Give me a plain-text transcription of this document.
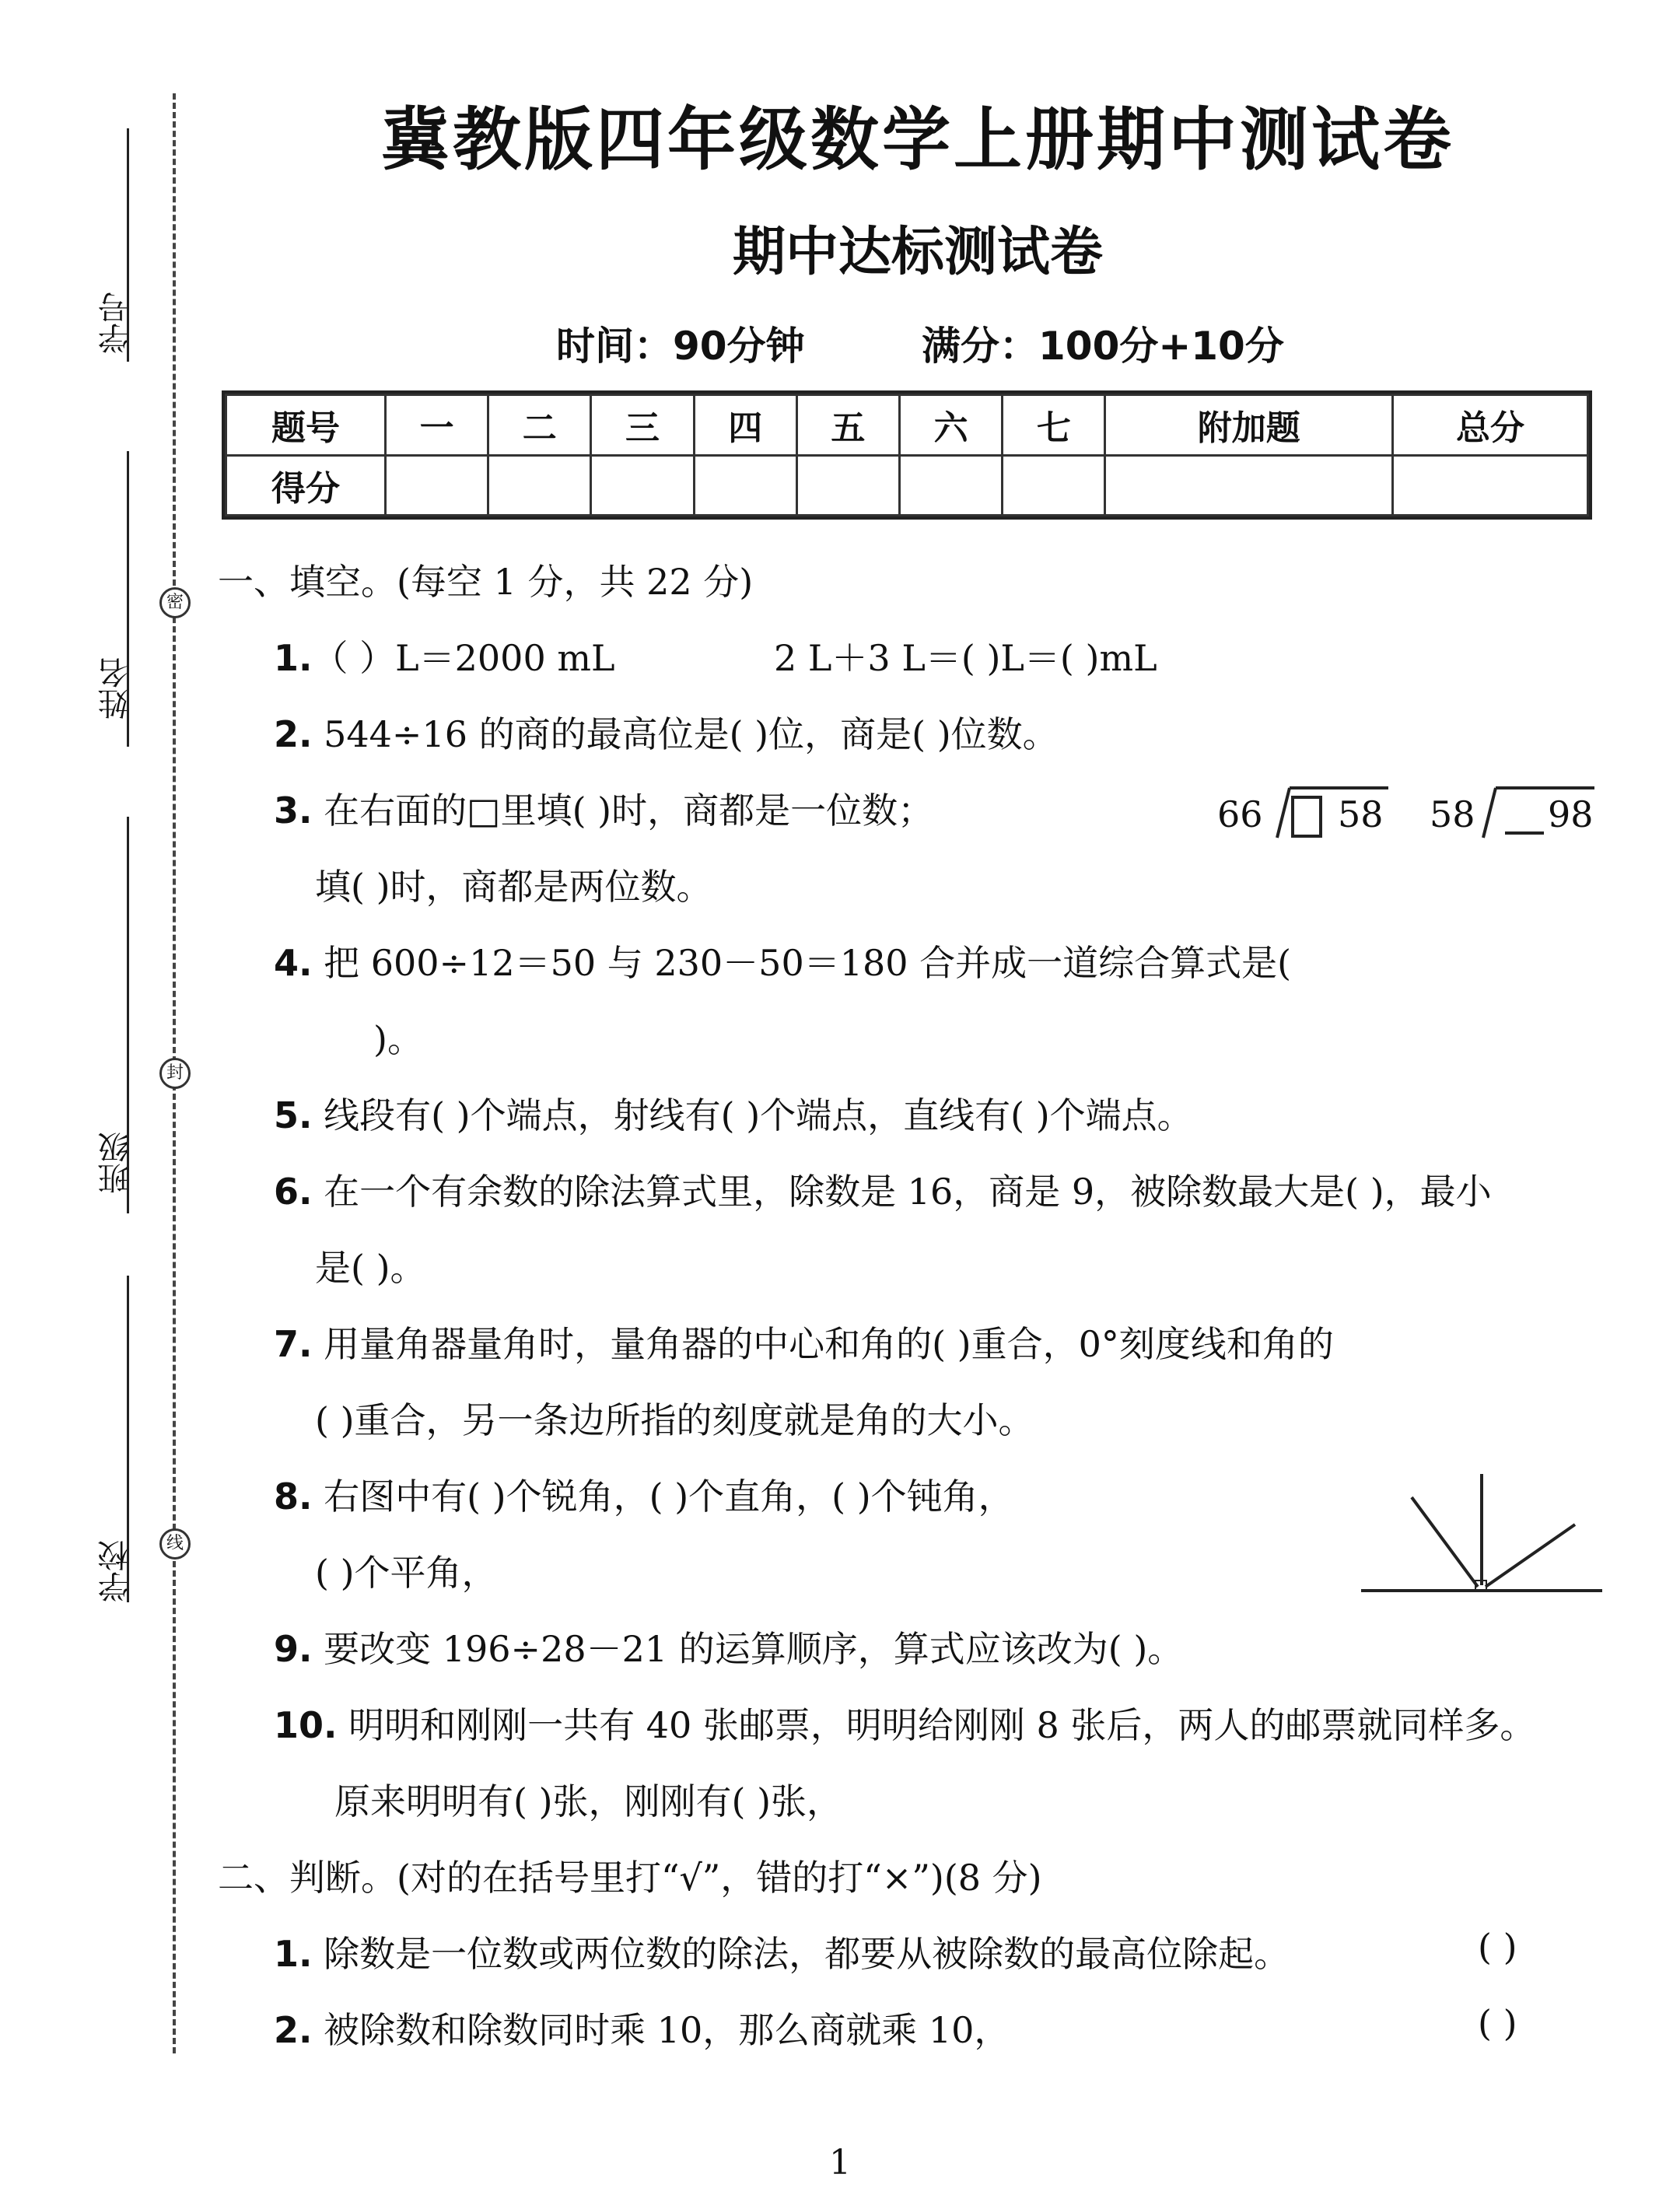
密
封
线
学号
姓名
班级
学校
冀教版四年级数学上册期中测试卷
期中达标测试卷
时间：90分钟	满分：100分+10分
题号	一	二	三	四	五	六	七	附加题	总分
得分									
一、填空。(每空 1 分，共 22 分)
1.（ ）L＝2000 mL	2 L＋3 L＝( )L＝( )mL
2. 544÷16 的商的最高位是( )位，商是( )位数。
3. 在右面的□里填( )时，商都是一位数；	66 58 58 98
填( )时，商都是两位数。
4. 把 600÷12＝50 与 230－50＝180 合并成一道综合算式是(
)。
5. 线段有( )个端点，射线有( )个端点，直线有( )个端点。
6. 在一个有余数的除法算式里，除数是 16，商是 9，被除数最大是( )，最小
是( )。
7. 用量角器量角时，量角器的中心和角的( )重合，0°刻度线和角的
( )重合，另一条边所指的刻度就是角的大小。
8. 右图中有( )个锐角，( )个直角，( )个钝角，
( )个平角，
9. 要改变 196÷28－21 的运算顺序，算式应该改为( )。
10. 明明和刚刚一共有 40 张邮票，明明给刚刚 8 张后，两人的邮票就同样多。
原来明明有( )张，刚刚有( )张，
二、判断。(对的在括号里打“√”，错的打“×”)(8 分)
1. 除数是一位数或两位数的除法，都要从被除数的最高位除起。	( )
2. 被除数和除数同时乘 10，那么商就乘 10，	( )
1
